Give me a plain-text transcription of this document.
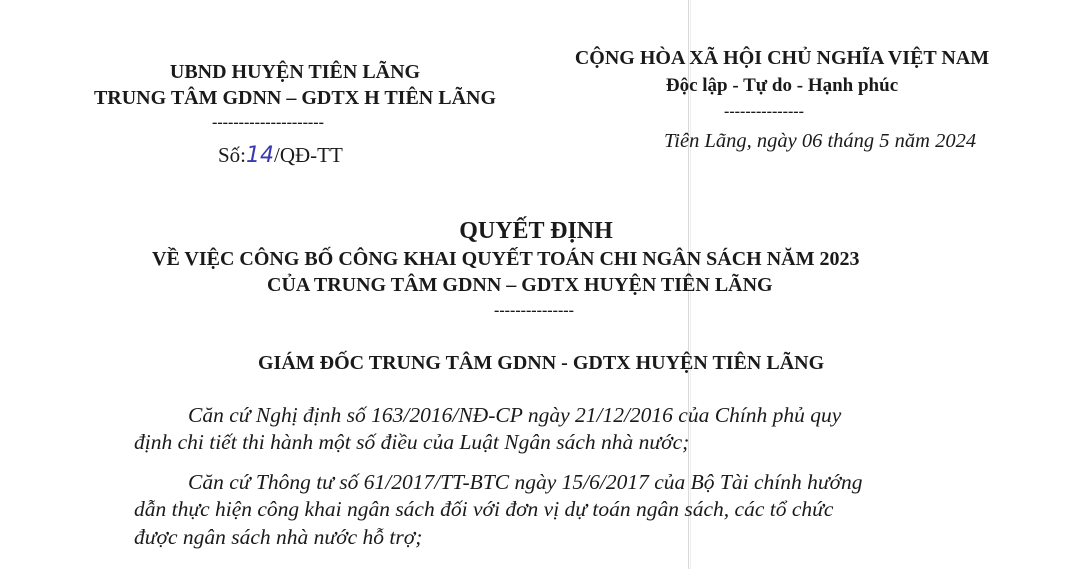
UBND HUYỆN TIÊN LÃNG
TRUNG TÂM GDNN – GDTX H TIÊN LÃNG
---------------------
Số:14/QĐ-TT
CỘNG HÒA XÃ HỘI CHỦ NGHĨA VIỆT NAM
Độc lập - Tự do - Hạnh phúc
---------------
Tiên Lãng, ngày 06 tháng 5 năm 2024
QUYẾT ĐỊNH
VỀ VIỆC CÔNG BỐ CÔNG KHAI QUYẾT TOÁN CHI NGÂN SÁCH NĂM 2023
CỦA TRUNG TÂM GDNN – GDTX HUYỆN TIÊN LÃNG
---------------
GIÁM ĐỐC TRUNG TÂM GDNN - GDTX HUYỆN TIÊN LÃNG
Căn cứ Nghị định số 163/2016/NĐ-CP ngày 21/12/2016 của Chính phủ quy
định chi tiết thi hành một số điều của Luật Ngân sách nhà nước;
Căn cứ Thông tư số 61/2017/TT-BTC ngày 15/6/2017 của Bộ Tài chính hướng
dẫn thực hiện công khai ngân sách đối với đơn vị dự toán ngân sách, các tổ chức
được ngân sách nhà nước hỗ trợ;
